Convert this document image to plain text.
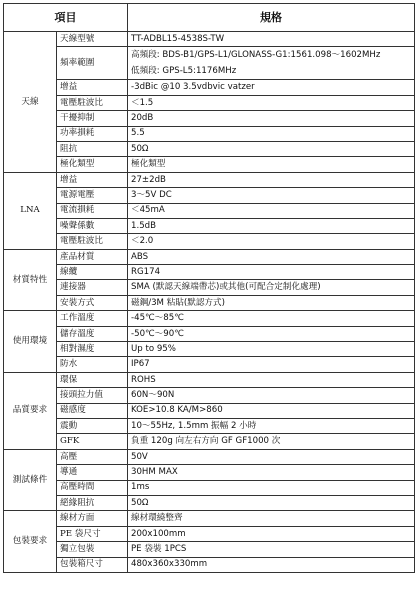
項目		規格
天線	天線型號	TT-ADBL15-4538S-TW
	頻率範圍	高頻段: BDS-B1/GPS-L1/GLONASS-G1:1561.098～1602MHz
低頻段: GPS-L5:1176MHz

	增益	-3dBic @10 3.5vdbvic vatzer
	電壓駐波比	＜1.5
	干擾抑制	20dB
	功率損耗	5.5
	阻抗	50Ω
	極化類型	極化類型
LNA	增益	27±2dB
	電源電壓	3～5V DC
	電流損耗	＜45mA
	噪聲係數	1.5dB
	電壓駐波比	＜2.0
材質特性	產品材質	ABS
	線纜	RG174
	連接器	SMA (默認天線端帶芯)或其他(可配合定制化處理)
	安裝方式	磁鋼/3M 粘貼(默認方式)
使用環境	工作溫度	-45℃～85℃
	儲存溫度	-50℃～90℃
	相對濕度	Up to 95%
	防水	IP67
品質要求	環保	ROHS
	接頭拉力值	60N～90N
	磁感度	KOE>10.8 KA/M>860
	震動	10～55Hz, 1.5mm 振幅 2 小時
	GFK	負重 120g 向左右方向 GF GF1000 次
測試條件	高壓	50V
	導通	30HM MAX
	高壓時間	1ms
	絕緣阻抗	50Ω
包裝要求	線材方面	線材環繞整齊
	PE 袋尺寸	200x100mm
	獨立包裝	PE 袋裝 1PCS
	包裝箱尺寸	480x360x330mm
